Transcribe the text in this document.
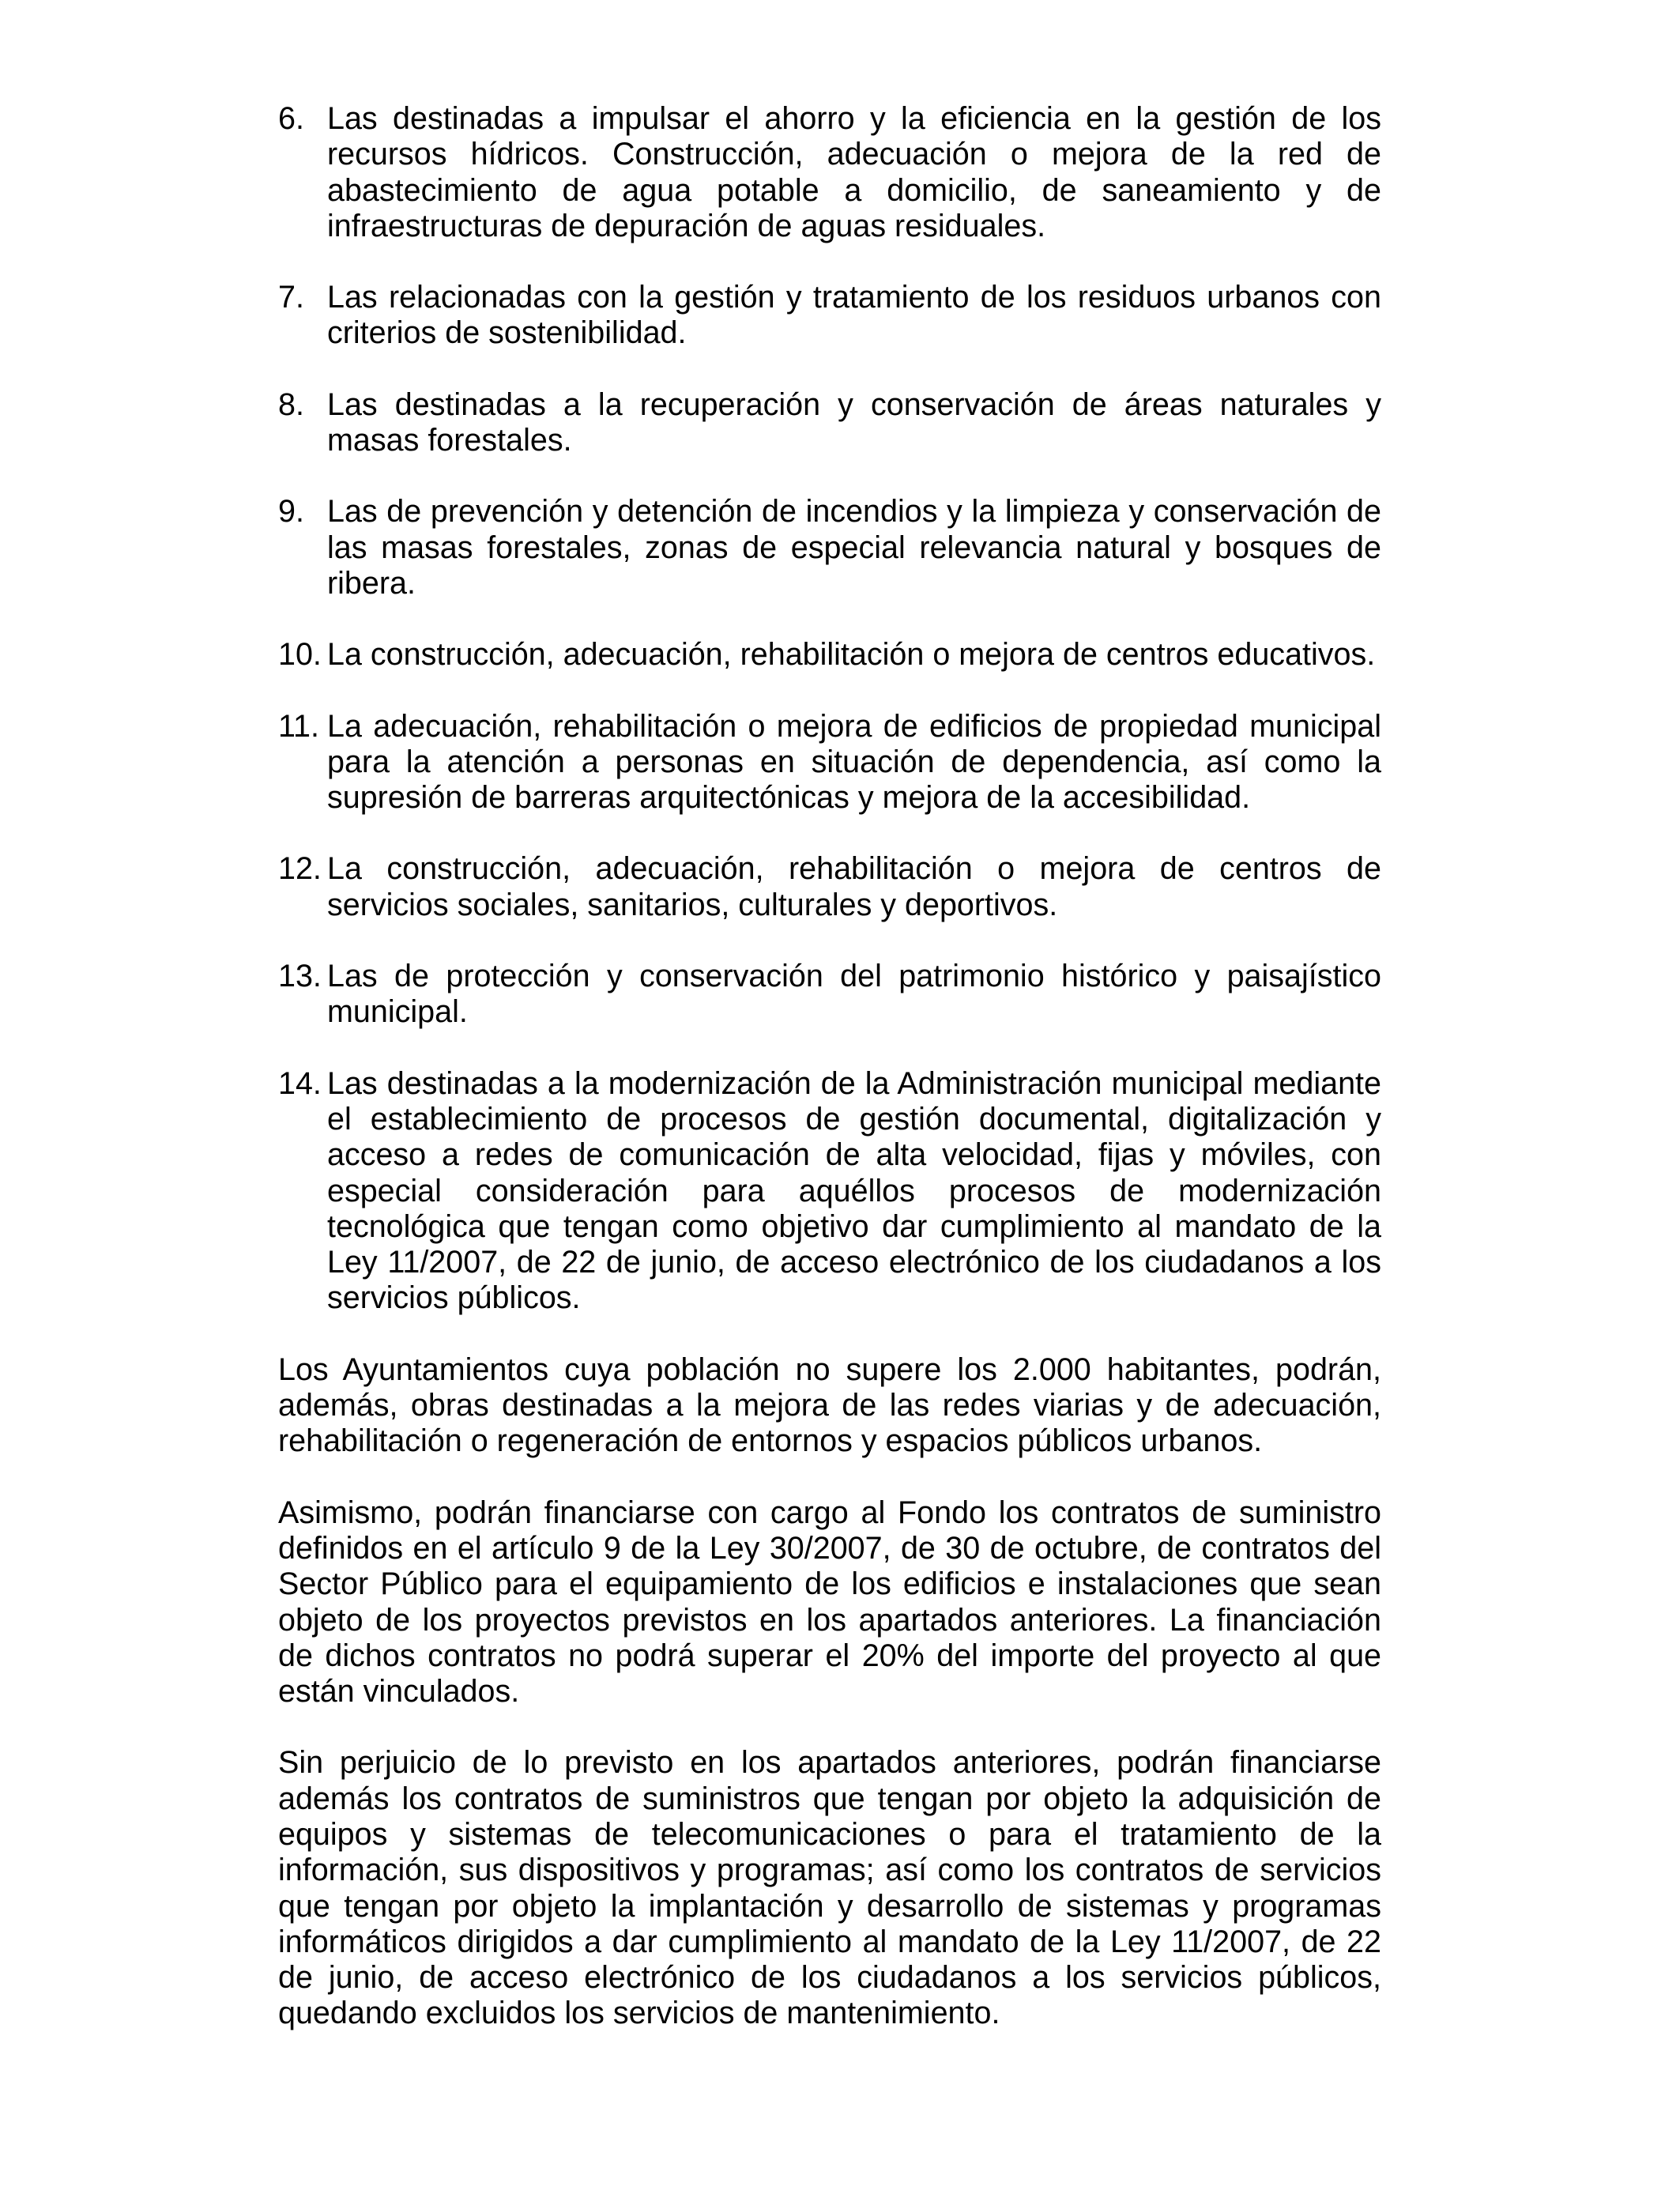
6. Las destinadas a impulsar el ahorro y la eficiencia en la gestión de los recursos hídricos. Construcción, adecuación o mejora de la red de abastecimiento de agua potable a domicilio, de saneamiento y de infraestructuras de depuración de aguas residuales.
7. Las relacionadas con la gestión y tratamiento de los residuos urbanos con criterios de sostenibilidad.
8. Las destinadas a la recuperación y conservación de áreas naturales y masas forestales.
9. Las de prevención y detención de incendios y la limpieza y conservación de las masas forestales, zonas de especial relevancia natural y bosques de ribera.
10. La construcción, adecuación, rehabilitación o mejora de centros educativos.
11. La adecuación, rehabilitación o mejora de edificios de propiedad municipal para la atención a personas en situación de dependencia, así como la supresión de barreras arquitectónicas y mejora de la accesibilidad.
12. La construcción, adecuación, rehabilitación o mejora de centros de servicios sociales, sanitarios, culturales y deportivos.
13. Las de protección y conservación del patrimonio histórico y paisajístico municipal.
14. Las destinadas a la modernización de la Administración municipal mediante el establecimiento de procesos de gestión documental, digitalización y acceso a redes de comunicación de alta velocidad, fijas y móviles, con especial consideración para aquéllos procesos de modernización tecnológica que tengan como objetivo dar cumplimiento al mandato de la Ley 11/2007, de 22 de junio, de acceso electrónico de los ciudadanos a los servicios públicos.

Los Ayuntamientos cuya población no supere los 2.000 habitantes, podrán, además, obras destinadas a la mejora de las redes viarias y de adecuación, rehabilitación o regeneración de entornos y espacios públicos urbanos.

Asimismo, podrán financiarse con cargo al Fondo los contratos de suministro definidos en el artículo 9 de la Ley 30/2007, de 30 de octubre, de contratos del Sector Público para el equipamiento de los edificios e instalaciones que sean objeto de los proyectos previstos en los apartados anteriores. La financiación de dichos contratos no podrá superar el 20% del importe del proyecto al que están vinculados.

Sin perjuicio de lo previsto en los apartados anteriores, podrán financiarse además los contratos de suministros que tengan por objeto la adquisición de equipos y sistemas de telecomunicaciones o para el tratamiento de la información, sus dispositivos y programas; así como los contratos de servicios que tengan por objeto la implantación y desarrollo de sistemas y programas informáticos dirigidos a dar cumplimiento al mandato de la Ley 11/2007, de 22 de junio, de acceso electrónico de los ciudadanos a los servicios públicos, quedando excluidos los servicios de mantenimiento.
